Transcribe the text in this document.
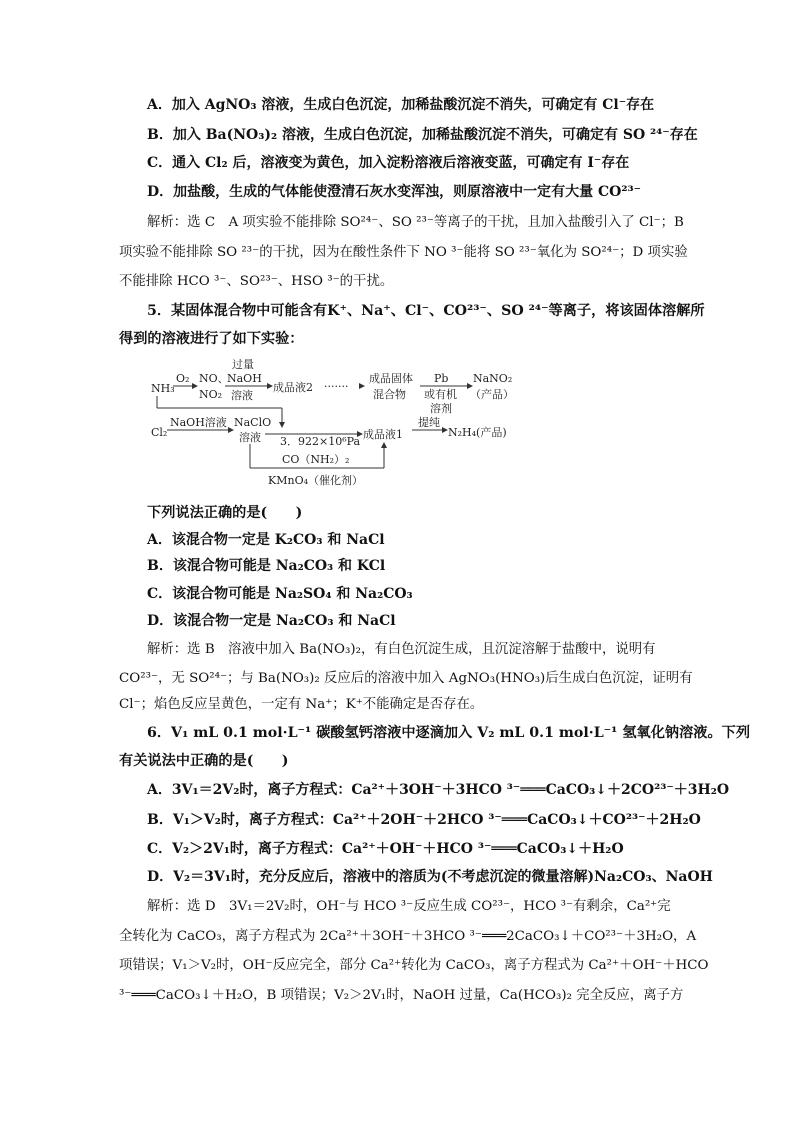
A．加入 AgNO₃ 溶液，生成白色沉淀，加稀盐酸沉淀不消失，可确定有 Cl⁻存在
B．加入 Ba(NO₃)₂ 溶液，生成白色沉淀，加稀盐酸沉淀不消失，可确定有 SO ²⁴⁻存在
C．通入 Cl₂ 后，溶液变为黄色，加入淀粉溶液后溶液变蓝，可确定有 I⁻存在
D．加盐酸，生成的气体能使澄清石灰水变浑浊，则原溶液中一定有大量 CO²³⁻
解析：选 C　A 项实验不能排除 SO²⁴⁻、SO ²³⁻等离子的干扰，且加入盐酸引入了 Cl⁻；B
项实验不能排除 SO ²³⁻的干扰，因为在酸性条件下 NO ³⁻能将 SO ²³⁻氧化为 SO²⁴⁻；D 项实验
不能排除 HCO ³⁻、SO²³⁻、HSO ³⁻的干扰。
5．某固体混合物中可能含有K⁺、Na⁺、Cl⁻、CO²³⁻、SO ²⁴⁻等离子，将该固体溶解所
得到的溶液进行了如下实验：
NH₃
O₂ NO、
NO₂
过量
NaOH
溶液
成品液2 ·······
成品固体
混合物
Pb
或有机
溶剂
NaNO₂
（产品）
Cl₂
NaOH溶液 NaClO
溶液 3．922×10⁶Pa
成品液1
提纯
N₂H₄(产品)
CO（NH₂）₂
KMnO₄（催化剂）
下列说法正确的是(　　)
A．该混合物一定是 K₂CO₃ 和 NaCl
B．该混合物可能是 Na₂CO₃ 和 KCl
C．该混合物可能是 Na₂SO₄ 和 Na₂CO₃
D．该混合物一定是 Na₂CO₃ 和 NaCl
解析：选 B　溶液中加入 Ba(NO₃)₂，有白色沉淀生成，且沉淀溶解于盐酸中，说明有
CO²³⁻，无 SO²⁴⁻；与 Ba(NO₃)₂ 反应后的溶液中加入 AgNO₃(HNO₃)后生成白色沉淀，证明有
Cl⁻；焰色反应呈黄色，一定有 Na⁺；K⁺不能确定是否存在。
6．V₁ mL 0.1 mol·L⁻¹ 碳酸氢钙溶液中逐滴加入 V₂ mL 0.1 mol·L⁻¹ 氢氧化钠溶液。下列
有关说法中正确的是(　　)
A．3V₁＝2V₂时，离子方程式：Ca²⁺＋3OH⁻＋3HCO ³⁻═══CaCO₃↓＋2CO²³⁻＋3H₂O
B．V₁＞V₂时，离子方程式：Ca²⁺＋2OH⁻＋2HCO ³⁻═══CaCO₃↓＋CO²³⁻＋2H₂O
C．V₂＞2V₁时，离子方程式：Ca²⁺＋OH⁻＋HCO ³⁻═══CaCO₃↓＋H₂O
D．V₂＝3V₁时，充分反应后，溶液中的溶质为(不考虑沉淀的微量溶解)Na₂CO₃、NaOH
解析：选 D　3V₁＝2V₂时，OH⁻与 HCO ³⁻反应生成 CO²³⁻，HCO ³⁻有剩余，Ca²⁺完
全转化为 CaCO₃，离子方程式为 2Ca²⁺＋3OH⁻＋3HCO ³⁻═══2CaCO₃↓＋CO²³⁻＋3H₂O，A
项错误；V₁＞V₂时，OH⁻反应完全，部分 Ca²⁺转化为 CaCO₃，离子方程式为 Ca²⁺＋OH⁻＋HCO
³⁻═══CaCO₃↓＋H₂O，B 项错误；V₂＞2V₁时，NaOH 过量，Ca(HCO₃)₂ 完全反应，离子方
